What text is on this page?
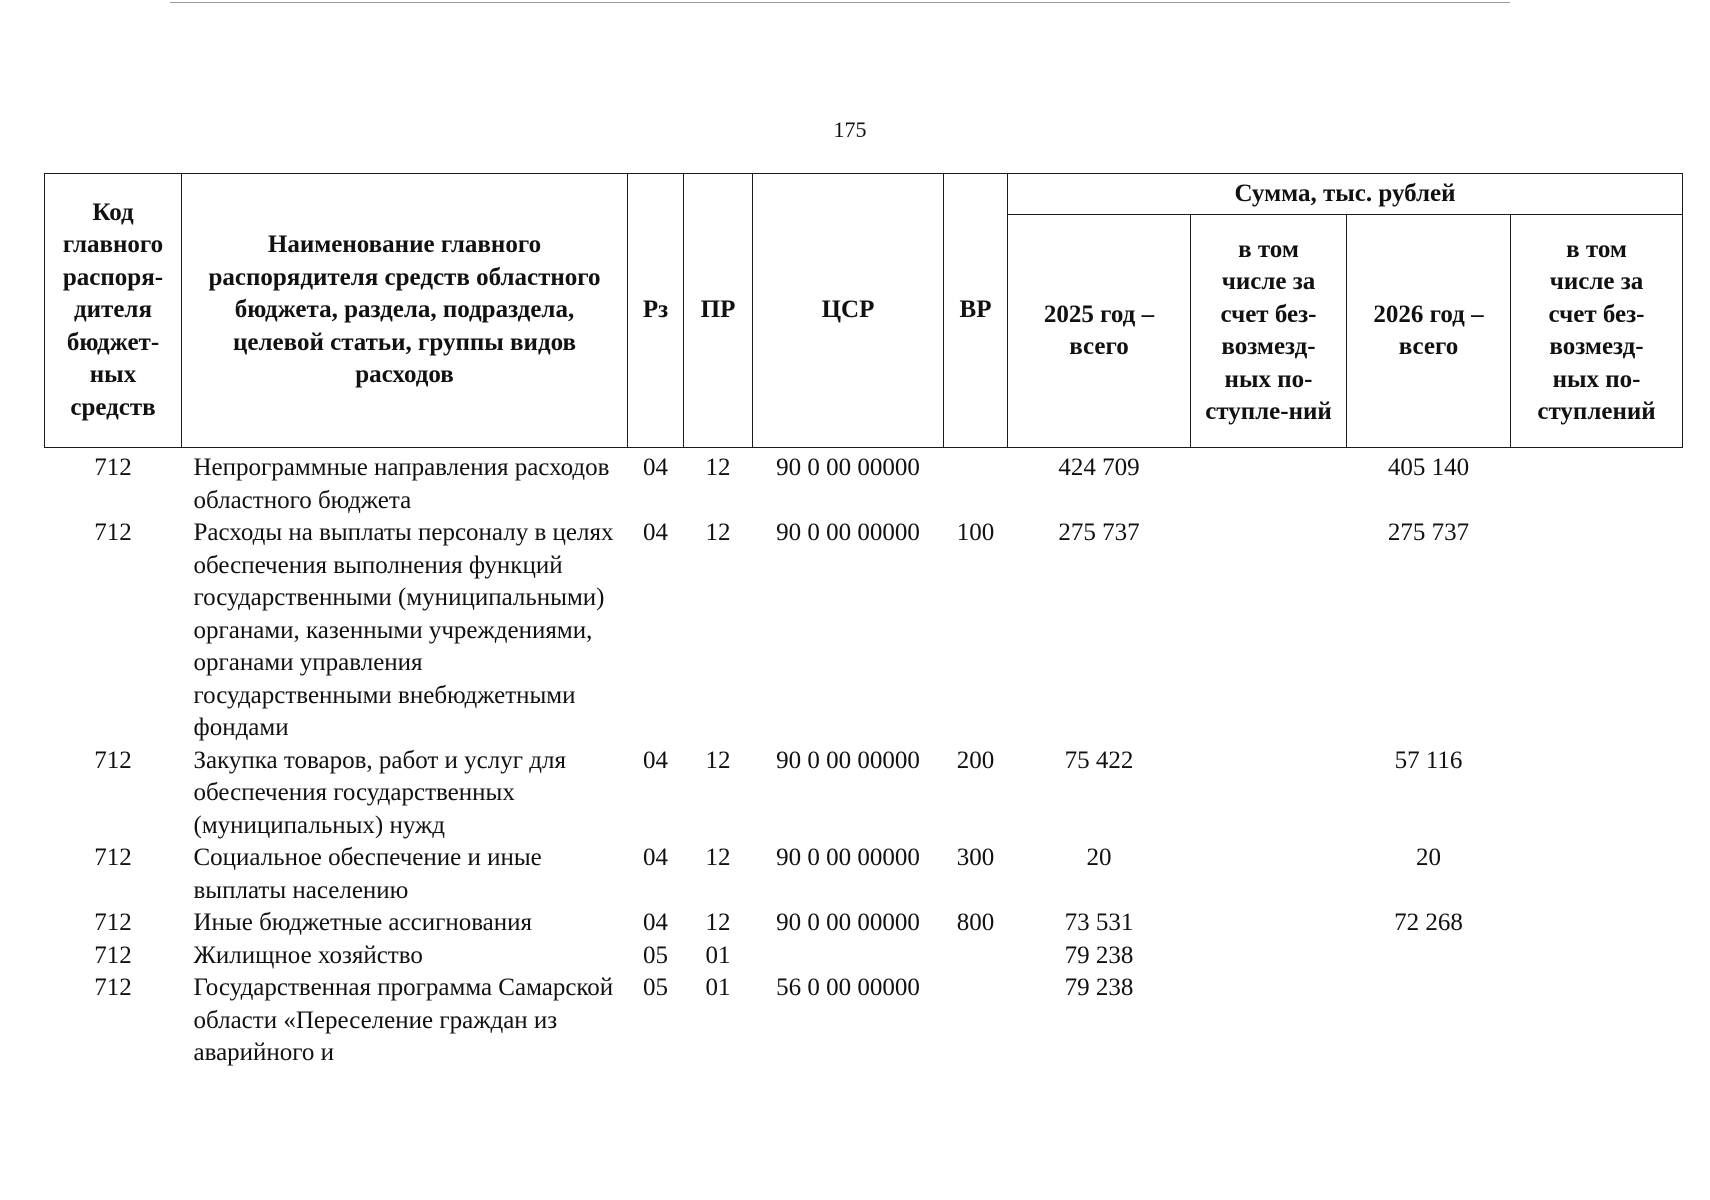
175
Код главного распоря-дителя бюджет-ных средств	Наименование главного распорядителя средств областного бюджета, раздела, подраздела, целевой статьи, группы видов расходов	Рз	ПР	ЦСР	ВР	Сумма, тыс. рублей			
						2025 год – всего	в том числе за счет без-возмезд-ных по-ступле-ний	2026 год – всего	в том числе за счет без-возмезд-ных по-ступлений
712	Непрограммные направления расходов областного бюджета	04	12	90 0 00 00000		424 709		405 140	
712	Расходы на выплаты персоналу в целях обеспечения выполнения функций государственными (муниципальными) органами, казенными учреждениями, органами управления государственными внебюджетными фондами	04	12	90 0 00 00000	100	275 737		275 737	
712	Закупка товаров, работ и услуг для обеспечения государственных (муниципальных) нужд	04	12	90 0 00 00000	200	75 422		57 116	
712	Социальное обеспечение и иные выплаты населению	04	12	90 0 00 00000	300	20		20	
712	Иные бюджетные ассигнования	04	12	90 0 00 00000	800	73 531		72 268	
712	Жилищное хозяйство	05	01			79 238			
712	Государственная программа Самарской области «Переселение граждан из аварийного и	05	01	56 0 00 00000		79 238			
